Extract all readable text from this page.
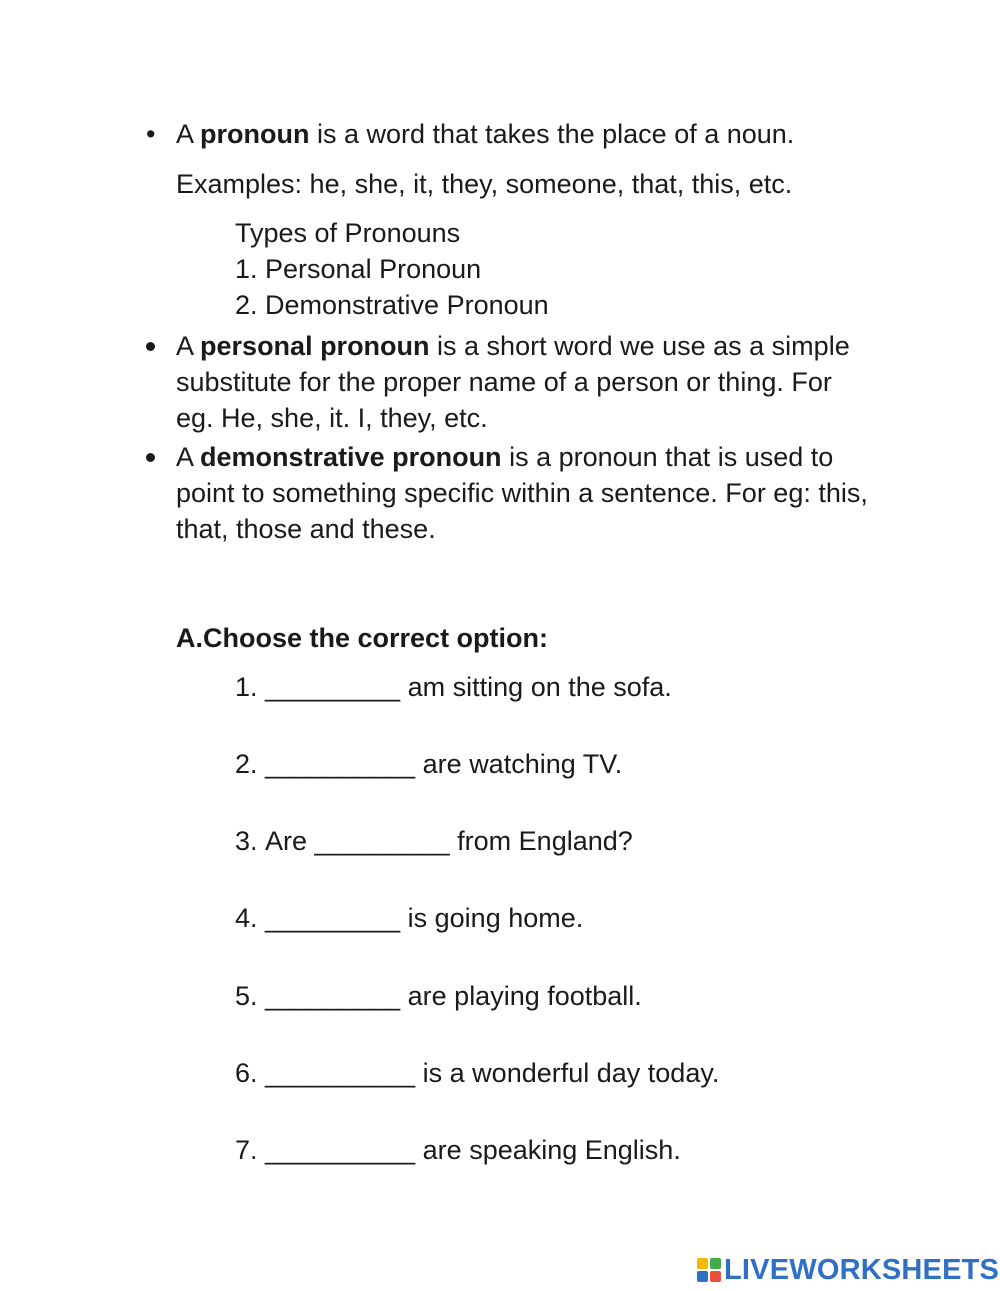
• A pronoun is a word that takes the place of a noun.
Examples: he, she, it, they, someone, that, this, etc.
Types of Pronouns
1. Personal Pronoun
2. Demonstrative Pronoun
A personal pronoun is a short word we use as a simple substitute for the proper name of a person or thing. For eg. He, she, it. I, they, etc.
A demonstrative pronoun is a pronoun that is used to point to something specific within a sentence. For eg: this, that, those and these.
A.Choose the correct option:
1. _________ am sitting on the sofa.
2. __________ are watching TV.
3. Are _________ from England?
4. _________ is going home.
5. _________ are playing football.
6. __________ is a wonderful day today.
7. __________ are speaking English.
LIVEWORKSHEETS
